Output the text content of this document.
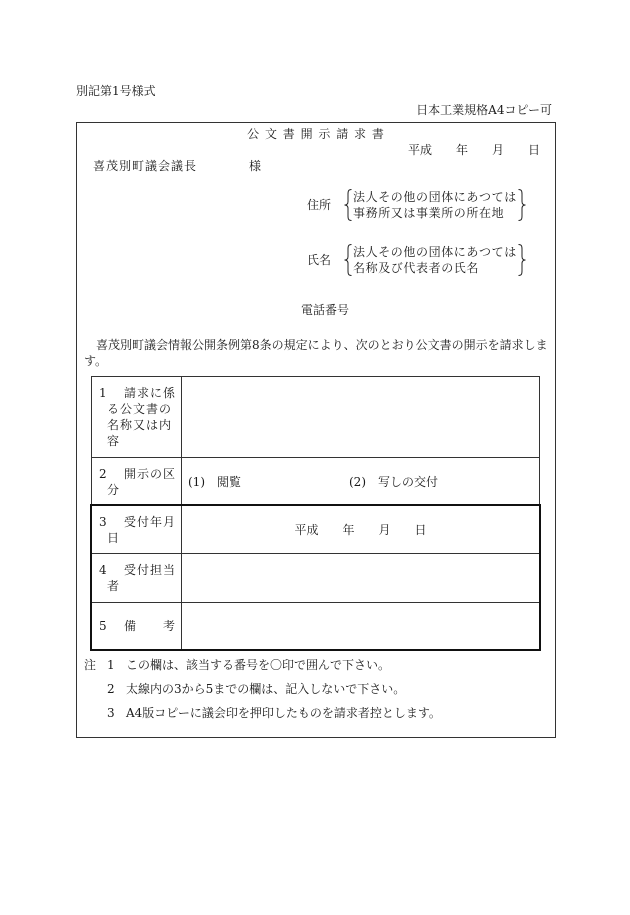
別記第1号様式
日本工業規格A4コピー可
公 文 書 開 示 請 求 書
平成　　年　　月　　日
喜茂別町議会議長	様
住所
法人その他の団体にあつては
事務所又は事業所の所在地
氏名
法人その他の団体にあつては
名称及び代表者の氏名
電話番号
喜茂別町議会情報公開条例第8条の規定により、次のとおり公文書の開示を請求します。
1 請求に係る公文書の名称又は内容
2 開示の区分
(1)　閲覧	(2)　写しの交付
3 受付年月日
平成　　年　　月　　日
4 受付担当者
5 備　　考
注 1 この欄は、該当する番号を〇印で囲んで下さい。
2 太線内の3から5までの欄は、記入しないで下さい。
3 A4版コピーに議会印を押印したものを請求者控とします。
